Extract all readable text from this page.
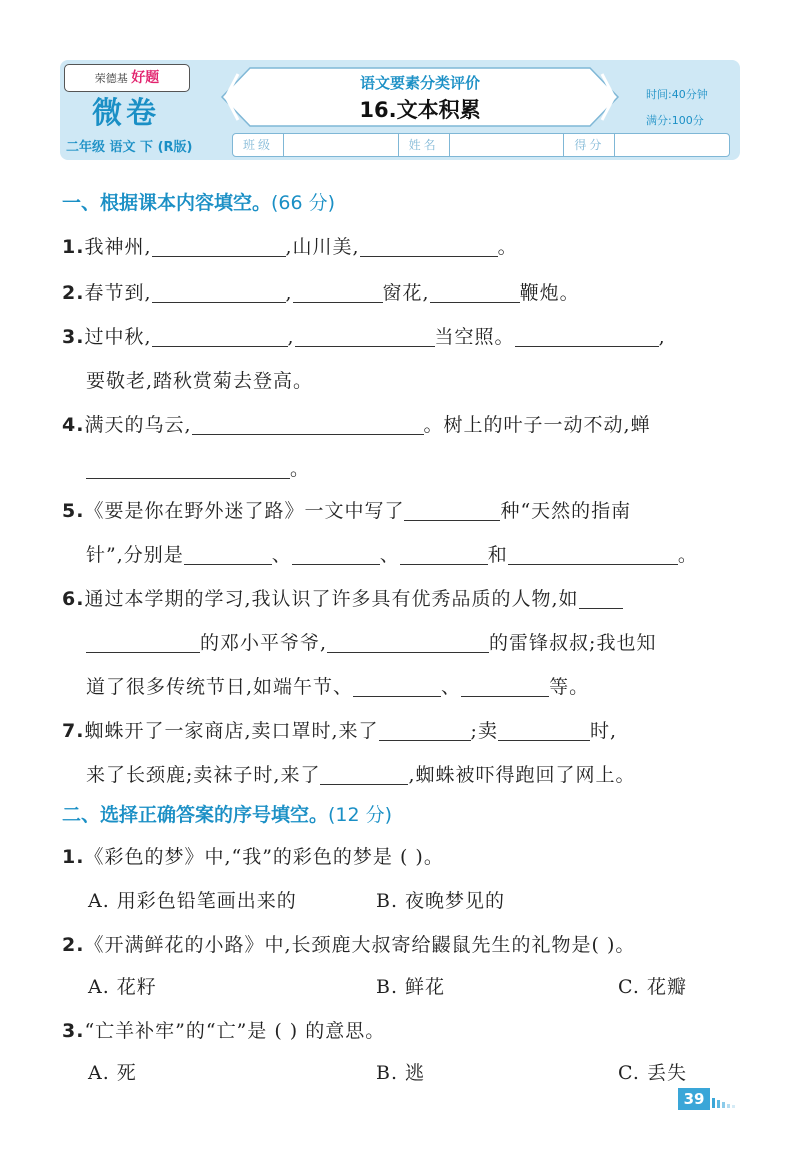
荣德基 好题
微卷
二年级 语文 下 (R版)
语文要素分类评价
16.文本积累
时间:40分钟
满分:100分
班级	姓名	得分
一、根据课本内容填空。(66 分)
1.我神州,	,山川美,	。
2.春节到,	,	窗花,	鞭炮。
3.过中秋,	,	当空照。	,
要敬老,踏秋赏菊去登高。
4.满天的乌云,	。树上的叶子一动不动,蝉
。
5.《要是你在野外迷了路》一文中写了	种“天然的指南
针”,分别是	、	、	和	。
6.通过本学期的学习,我认识了许多具有优秀品质的人物,如
的邓小平爷爷,	的雷锋叔叔;我也知
道了很多传统节日,如端午节、	、	等。
7.蜘蛛开了一家商店,卖口罩时,来了	;卖	时,
来了长颈鹿;卖袜子时,来了	,蜘蛛被吓得跑回了网上。
二、选择正确答案的序号填空。(12 分)
1.《彩色的梦》中,“我”的彩色的梦是 ( )。
A. 用彩色铅笔画出来的	B. 夜晚梦见的
2.《开满鲜花的小路》中,长颈鹿大叔寄给鼹鼠先生的礼物是( )。
A. 花籽	B. 鲜花	C. 花瓣
3.“亡羊补牢”的“亡”是 ( ) 的意思。
A. 死	B. 逃	C. 丢失
39
